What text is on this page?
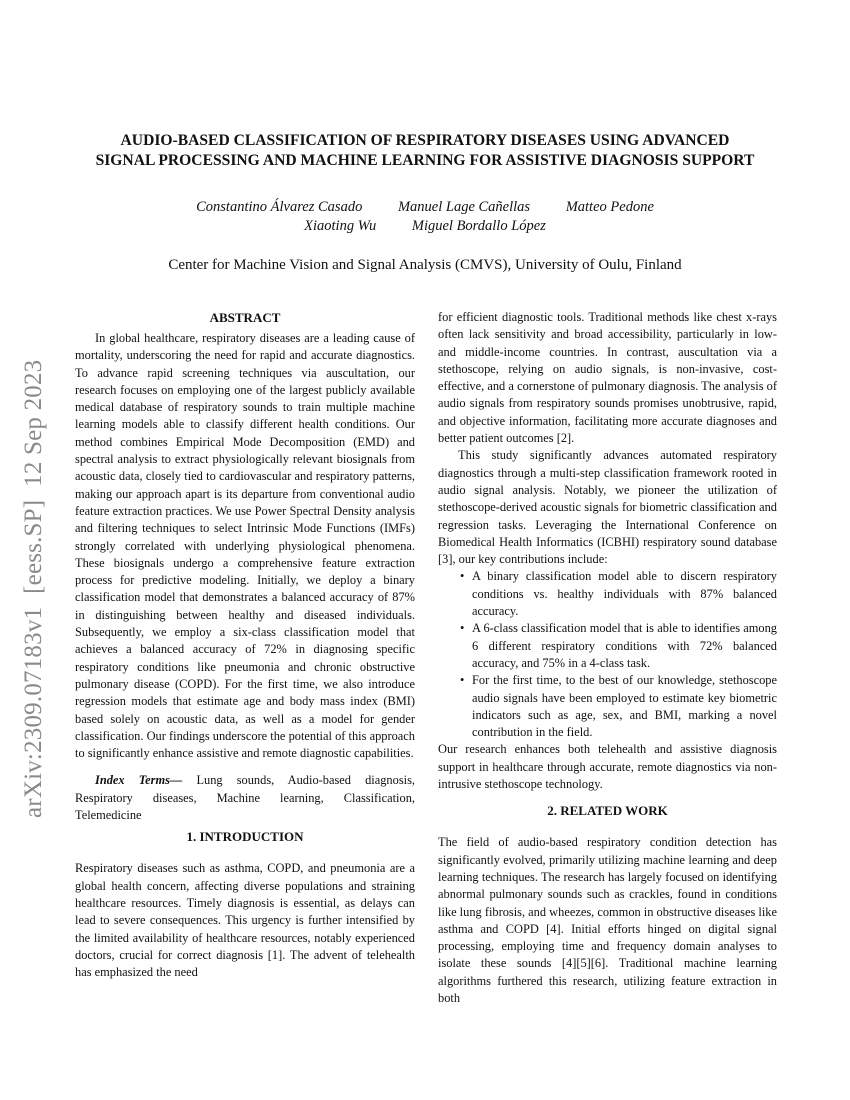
AUDIO-BASED CLASSIFICATION OF RESPIRATORY DISEASES USING ADVANCED
SIGNAL PROCESSING AND MACHINE LEARNING FOR ASSISTIVE DIAGNOSIS SUPPORT
Constantino Álvarez Casado Manuel Lage Cañellas Matteo Pedone
Xiaoting Wu Miguel Bordallo López
Center for Machine Vision and Signal Analysis (CMVS), University of Oulu, Finland
arXiv:2309.07183v1  [eess.SP]  12 Sep 2023

ABSTRACT

In global healthcare, respiratory diseases are a leading cause of mortality, underscoring the need for rapid and accurate diagnostics. To advance rapid screening techniques via auscultation, our research focuses on employing one of the largest publicly available medical database of respiratory sounds to train multiple machine learning models able to classify different health conditions. Our method combines Empirical Mode Decomposition (EMD) and spectral analysis to extract physiologically relevant biosignals from acoustic data, closely tied to cardiovascular and respiratory patterns, making our approach apart is its departure from conventional audio feature extraction practices. We use Power Spectral Density analysis and filtering techniques to select Intrinsic Mode Functions (IMFs) strongly correlated with underlying physiological phenomena. These biosignals undergo a comprehensive feature extraction process for predictive modeling. Initially, we deploy a binary classification model that demonstrates a balanced accuracy of 87% in distinguishing between healthy and diseased individuals. Subsequently, we employ a six-class classification model that achieves a balanced accuracy of 72% in diagnosing specific respiratory conditions like pneumonia and chronic obstructive pulmonary disease (COPD). For the first time, we also introduce regression models that estimate age and body mass index (BMI) based solely on acoustic data, as well as a model for gender classification. Our findings underscore the potential of this approach to significantly enhance assistive and remote diagnostic capabilities.

Index Terms— Lung sounds, Audio-based diagnosis, Respiratory diseases, Machine learning, Classification, Telemedicine

1. INTRODUCTION

Respiratory diseases such as asthma, COPD, and pneumonia are a global health concern, affecting diverse populations and straining healthcare resources. Timely diagnosis is essential, as delays can lead to severe consequences. This urgency is further intensified by the limited availability of healthcare resources, notably experienced doctors, crucial for correct diagnosis [1]. The advent of telehealth has emphasized the need

for efficient diagnostic tools. Traditional methods like chest x-rays often lack sensitivity and broad accessibility, particularly in low- and middle-income countries. In contrast, auscultation via a stethoscope, relying on audio signals, is non-invasive, cost-effective, and a cornerstone of pulmonary diagnosis. The analysis of audio signals from respiratory sounds promises unobtrusive, rapid, and objective information, facilitating more accurate diagnoses and better patient outcomes [2].

This study significantly advances automated respiratory diagnostics through a multi-step classification framework rooted in audio signal analysis. Notably, we pioneer the utilization of stethoscope-derived acoustic signals for biometric classification and regression tasks. Leveraging the International Conference on Biomedical Health Informatics (ICBHI) respiratory sound database [3], our key contributions include:

• A binary classification model able to discern respiratory conditions vs. healthy individuals with 87% balanced accuracy.
• A 6-class classification model that is able to identifies among 6 different respiratory conditions with 72% balanced accuracy, and 75% in a 4-class task.
• For the first time, to the best of our knowledge, stethoscope audio signals have been employed to estimate key biometric indicators such as age, sex, and BMI, marking a novel contribution in the field.

Our research enhances both telehealth and assistive diagnosis support in healthcare through accurate, remote diagnostics via non-intrusive stethoscope technology.

2. RELATED WORK

The field of audio-based respiratory condition detection has significantly evolved, primarily utilizing machine learning and deep learning techniques. The research has largely focused on identifying abnormal pulmonary sounds such as crackles, found in conditions like lung fibrosis, and wheezes, common in obstructive diseases like asthma and COPD [4]. Initial efforts hinged on digital signal processing, employing time and frequency domain analyses to isolate these sounds [4][5][6]. Traditional machine learning algorithms furthered this research, utilizing feature extraction in both
